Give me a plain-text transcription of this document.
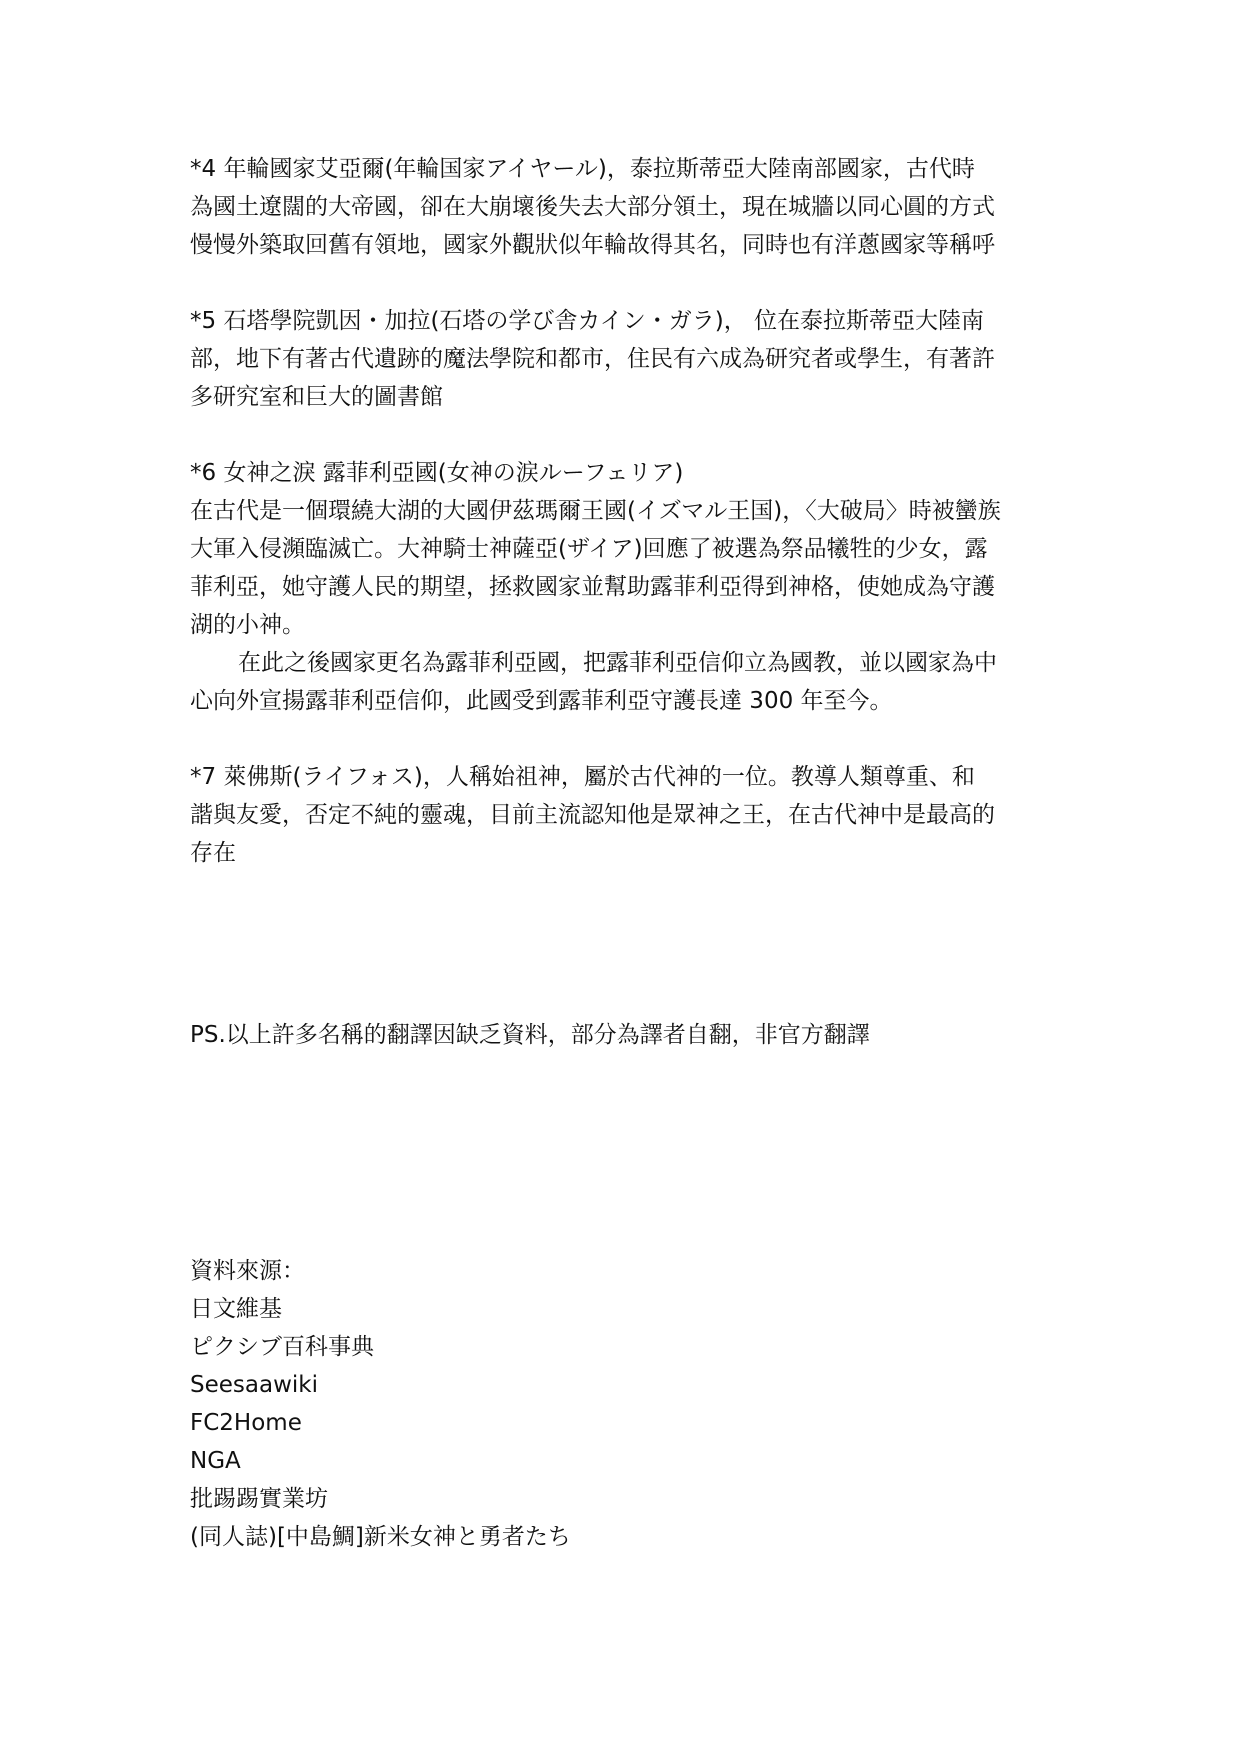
*4 年輪國家艾亞爾(年輪国家アイヤール)，泰拉斯蒂亞大陸南部國家，古代時
為國土遼闊的大帝國，卻在大崩壞後失去大部分領土，現在城牆以同心圓的方式
慢慢外築取回舊有領地，國家外觀狀似年輪故得其名，同時也有洋蔥國家等稱呼
*5 石塔學院凱因・加拉(石塔の学び舎カイン・ガラ)， 位在泰拉斯蒂亞大陸南
部，地下有著古代遺跡的魔法學院和都市，住民有六成為研究者或學生，有著許
多研究室和巨大的圖書館
*6 女神之淚 露菲利亞國(女神の涙ルーフェリア)
在古代是一個環繞大湖的大國伊茲瑪爾王國(イズマル王国)，〈大破局〉時被蠻族
大軍入侵瀕臨滅亡。大神騎士神薩亞(ザイア)回應了被選為祭品犧牲的少女，露
菲利亞，她守護人民的期望，拯救國家並幫助露菲利亞得到神格，使她成為守護
湖的小神。
在此之後國家更名為露菲利亞國，把露菲利亞信仰立為國教，並以國家為中
心向外宣揚露菲利亞信仰，此國受到露菲利亞守護長達 300 年至今。
*7 萊佛斯(ライフォス)，人稱始祖神，屬於古代神的一位。教導人類尊重、和
諧與友愛，否定不純的靈魂，目前主流認知他是眾神之王，在古代神中是最高的
存在
PS.以上許多名稱的翻譯因缺乏資料，部分為譯者自翻，非官方翻譯
資料來源：
日文維基
ピクシブ百科事典
Seesaawiki
FC2Home
NGA
批踢踢實業坊
(同人誌)[中島鯛]新米女神と勇者たち
